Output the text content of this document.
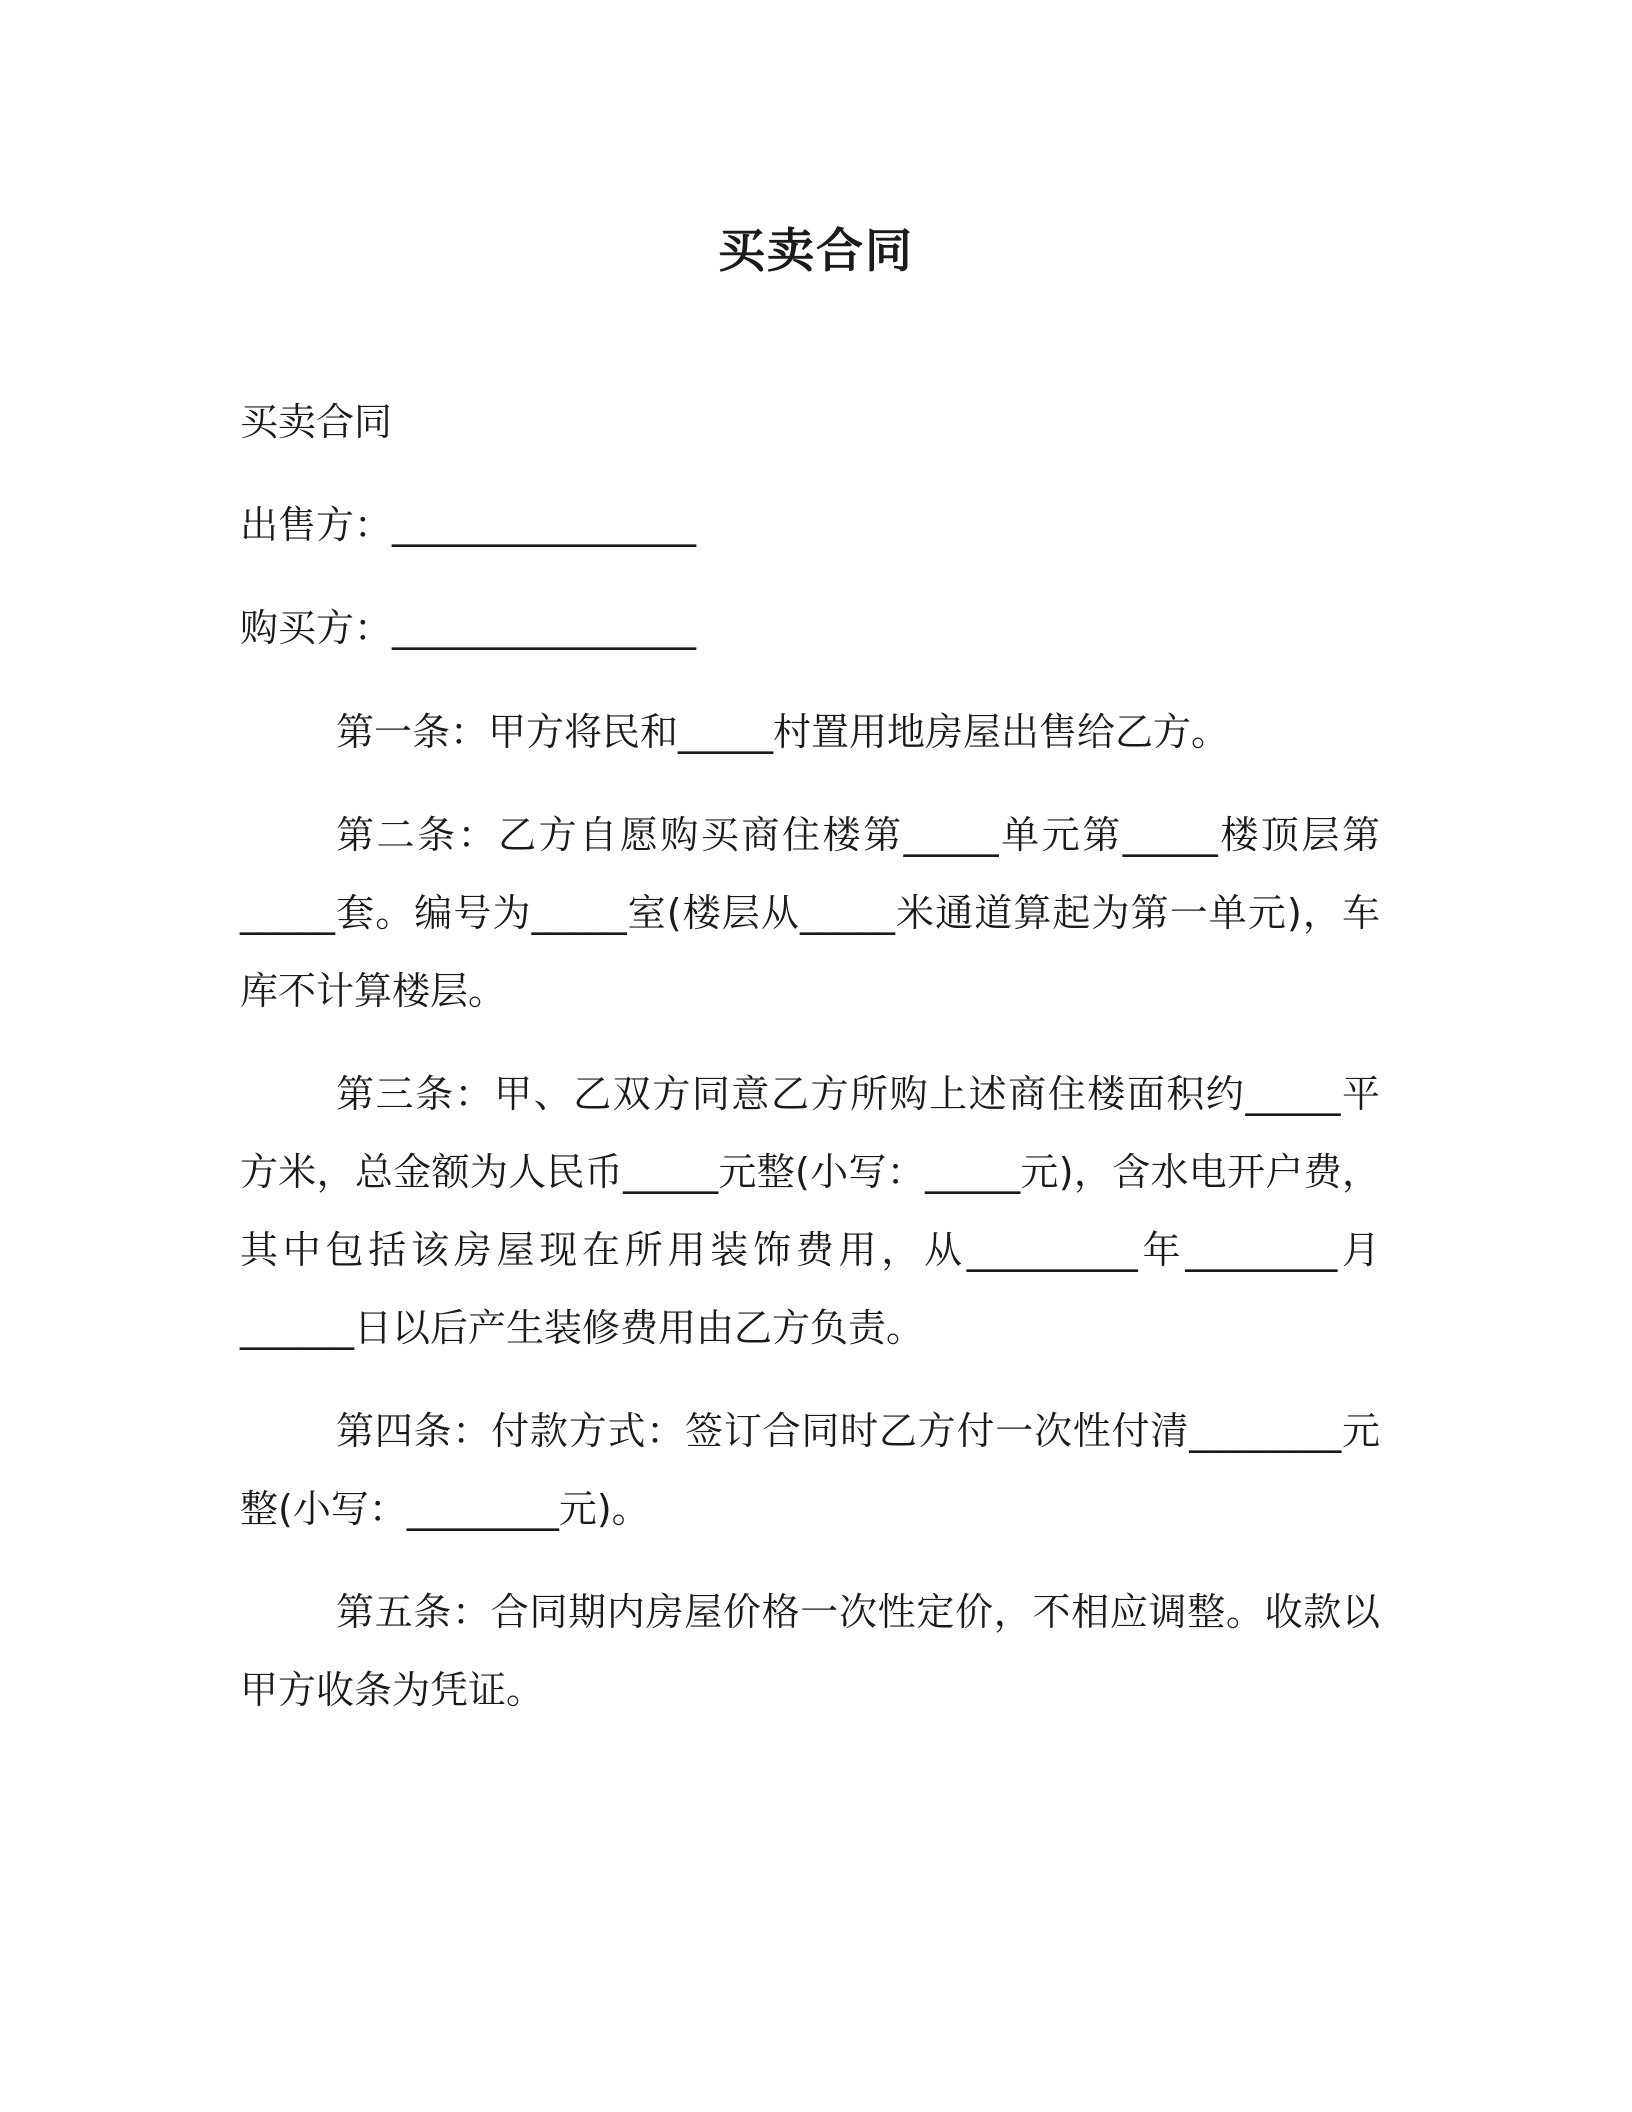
买卖合同
买卖合同
出售方：________________
购买方：________________
第一条：甲方将民和_____村置用地房屋出售给乙方。
第二条：乙方自愿购买商住楼第_____单元第_____楼顶层第_____套。编号为_____室(楼层从_____米通道算起为第一单元)，车库不计算楼层。
第三条：甲、乙双方同意乙方所购上述商住楼面积约_____平方米，总金额为人民币_____元整(小写：_____元)，含水电开户费，其中包括该房屋现在所用装饰费用，从_________年________月______日以后产生装修费用由乙方负责。
第四条：付款方式：签订合同时乙方付一次性付清________元整(小写：________元)。
第五条：合同期内房屋价格一次性定价，不相应调整。收款以甲方收条为凭证。
